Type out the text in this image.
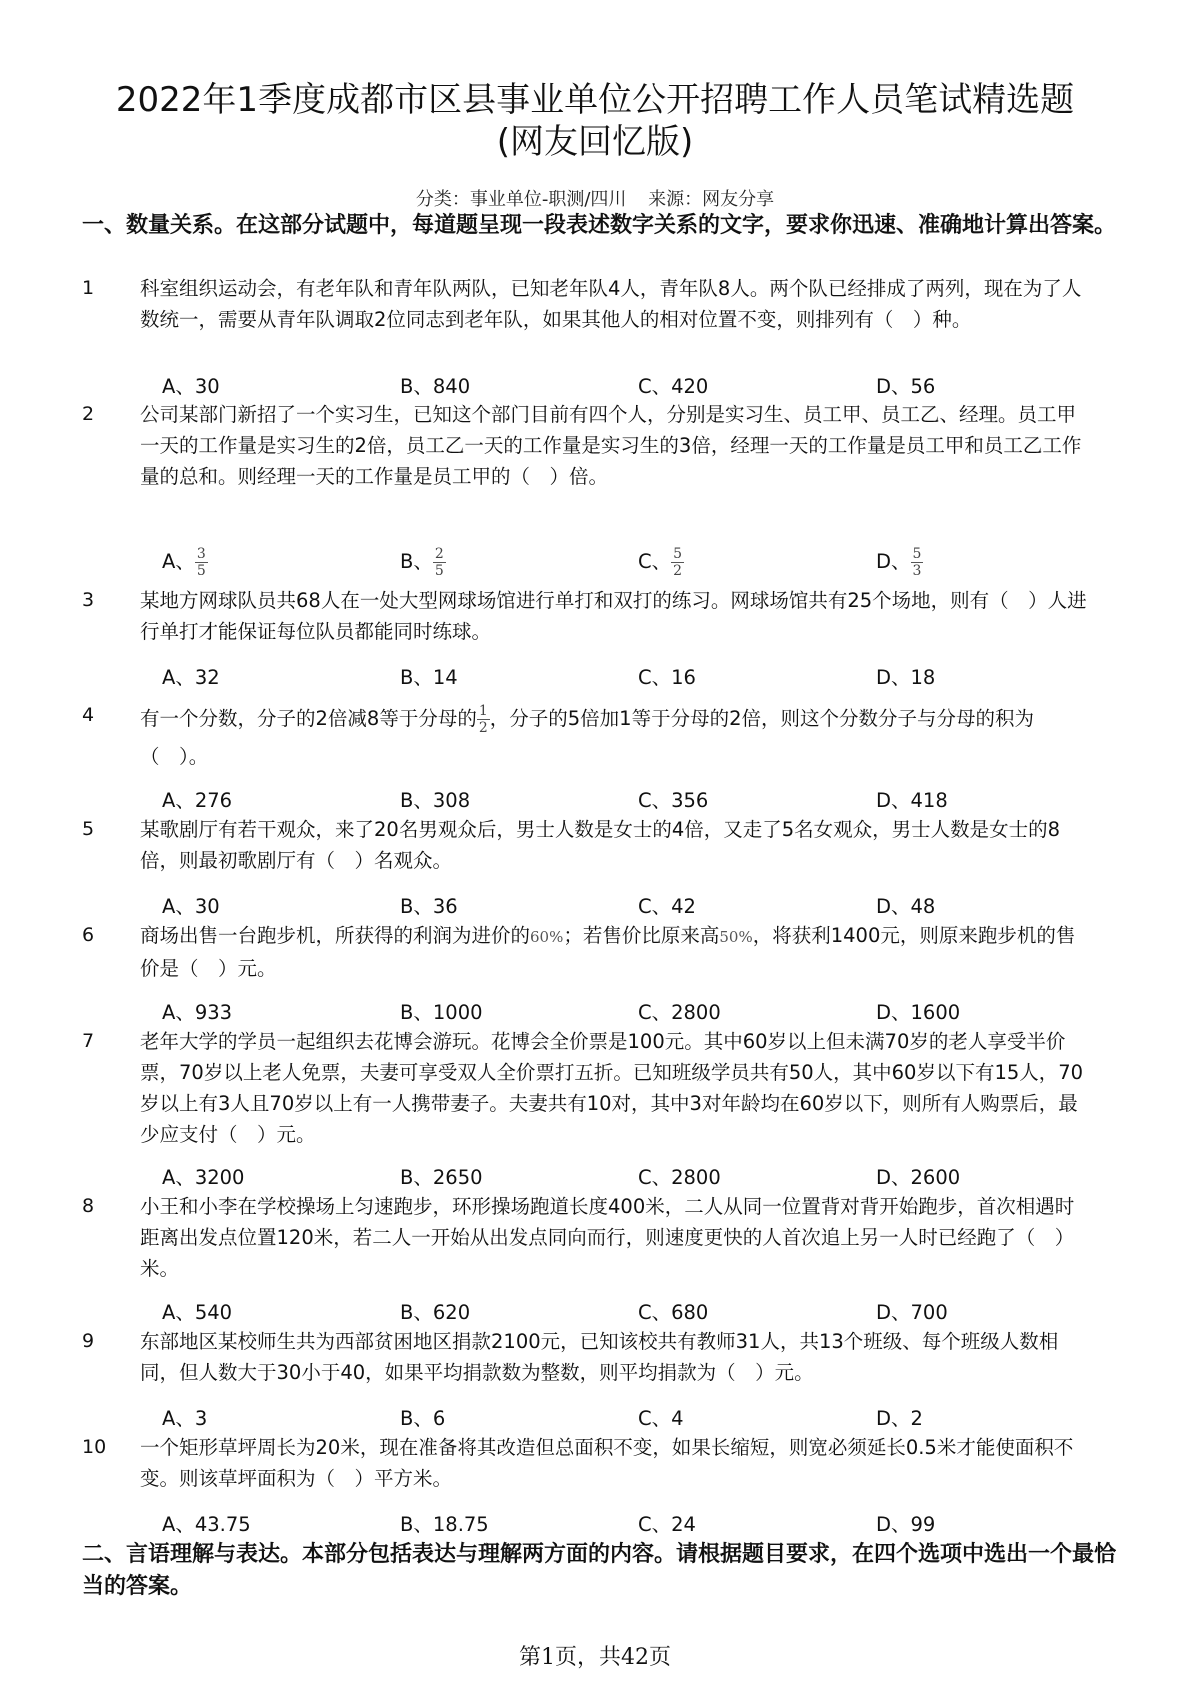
2022年1季度成都市区县事业单位公开招聘工作人员笔试精选题
(网友回忆版)
分类：事业单位-职测/四川 来源：网友分享
一、数量关系。在这部分试题中，每道题呈现一段表述数字关系的文字，要求你迅速、准确地计算出答案。
1 科室组织运动会，有老年队和青年队两队，已知老年队4人，青年队8人。两个队已经排成了两列，现在为了人数统一，需要从青年队调取2位同志到老年队，如果其他人的相对位置不变，则排列有（　）种。
A、30	B、840	C、420	D、56
2 公司某部门新招了一个实习生，已知这个部门目前有四个人，分别是实习生、员工甲、员工乙、经理。员工甲一天的工作量是实习生的2倍，员工乙一天的工作量是实习生的3倍，经理一天的工作量是员工甲和员工乙工作量的总和。则经理一天的工作量是员工甲的（　）倍。
A、 $\frac{3}{5}$	B、 $\frac{2}{5}$	C、 $\frac{5}{2}$	D、 $\frac{5}{3}$
3 某地方网球队员共68人在一处大型网球场馆进行单打和双打的练习。网球场馆共有25个场地，则有（　）人进行单打才能保证每位队员都能同时练球。
A、32	B、14	C、16	D、18
4 有一个分数，分子的2倍减8等于分母的 $\frac{1}{2}$ ，分子的5倍加1等于分母的2倍，则这个分数分子与分母的积为（　）。
A、276	B、308	C、356	D、418
5 某歌剧厅有若干观众，来了20名男观众后，男士人数是女士的4倍，又走了5名女观众，男士人数是女士的8倍，则最初歌剧厅有（　）名观众。
A、30	B、36	C、42	D、48
6 商场出售一台跑步机，所获得的利润为进价的60%；若售价比原来高50%，将获利1400元，则原来跑步机的售价是（　）元。
A、933	B、1000	C、2800	D、1600
7 老年大学的学员一起组织去花博会游玩。花博会全价票是100元。其中60岁以上但未满70岁的老人享受半价票，70岁以上老人免票，夫妻可享受双人全价票打五折。已知班级学员共有50人，其中60岁以下有15人，70岁以上有3人且70岁以上有一人携带妻子。夫妻共有10对，其中3对年龄均在60岁以下，则所有人购票后，最少应支付（　）元。
A、3200	B、2650	C、2800	D、2600
8 小王和小李在学校操场上匀速跑步，环形操场跑道长度400米，二人从同一位置背对背开始跑步，首次相遇时距离出发点位置120米，若二人一开始从出发点同向而行，则速度更快的人首次追上另一人时已经跑了（　）米。
A、540	B、620	C、680	D、700
9 东部地区某校师生共为西部贫困地区捐款2100元，已知该校共有教师31人，共13个班级、每个班级人数相同，但人数大于30小于40，如果平均捐款数为整数，则平均捐款为（　）元。
A、3	B、6	C、4	D、2
10 一个矩形草坪周长为20米，现在准备将其改造但总面积不变，如果长缩短，则宽必须延长0.5米才能使面积不变。则该草坪面积为（　）平方米。
A、43.75	B、18.75	C、24	D、99
二、言语理解与表达。本部分包括表达与理解两方面的内容。请根据题目要求，在四个选项中选出一个最恰当的答案。
第1页，共42页
